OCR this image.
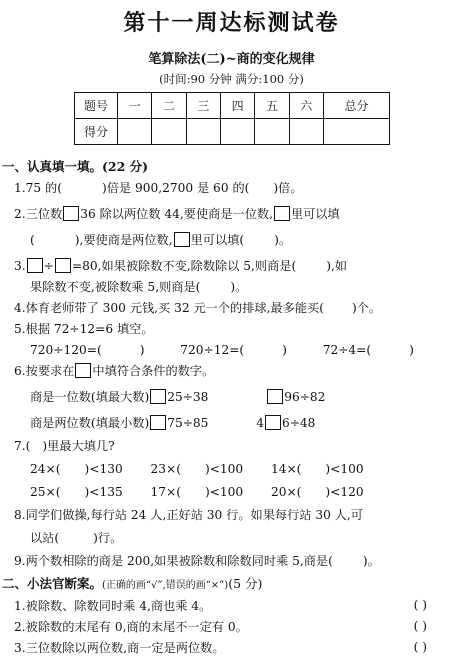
第十一周达标测试卷
笔算除法(二)~商的变化规律
(时间:90 分钟 满分:100 分)
题号	一	二	三	四	五	六	总分
得分							
一、认真填一填。(22 分)
1.75 的(	)倍是 900,2700 是 60 的( )倍。
2.三位数 36 除以两位数 44,要使商是一位数, 里可以填
(	),要使商是两位数, 里可以填( )。
3. ÷ =80,如果被除数不变,除数除以 5,则商是( ),如
果除数不变,被除数乘 5,则商是( )。
4.体育老师带了 300 元钱,买 32 元一个的排球,最多能买( )个。
5.根据 72÷12=6 填空。
720÷120=(	)	720÷12=(	)	72÷4=(	)
6.按要求在 中填符合条件的数字。
商是一位数(填最大数) 25÷38	96÷82
商是两位数(填最小数) 75÷85	4 6÷48
7.( )里最大填几?
24×( )<130 23×( )<100 14×( )<100
25×( )<135 17×( )<100 20×( )<120
8.同学们做操,每行站 24 人,正好站 30 行。如果每行站 30 人,可
以站(	)行。
9.两个数相除的商是 200,如果被除数和除数同时乘 5,商是( )。
二、小法官断案。(正确的画“√”,错误的画“×”)(5 分)
1.被除数、除数同时乘 4,商也乘 4。	( )
2.被除数的末尾有 0,商的末尾不一定有 0。	( )
3.三位数除以两位数,商一定是两位数。	( )
